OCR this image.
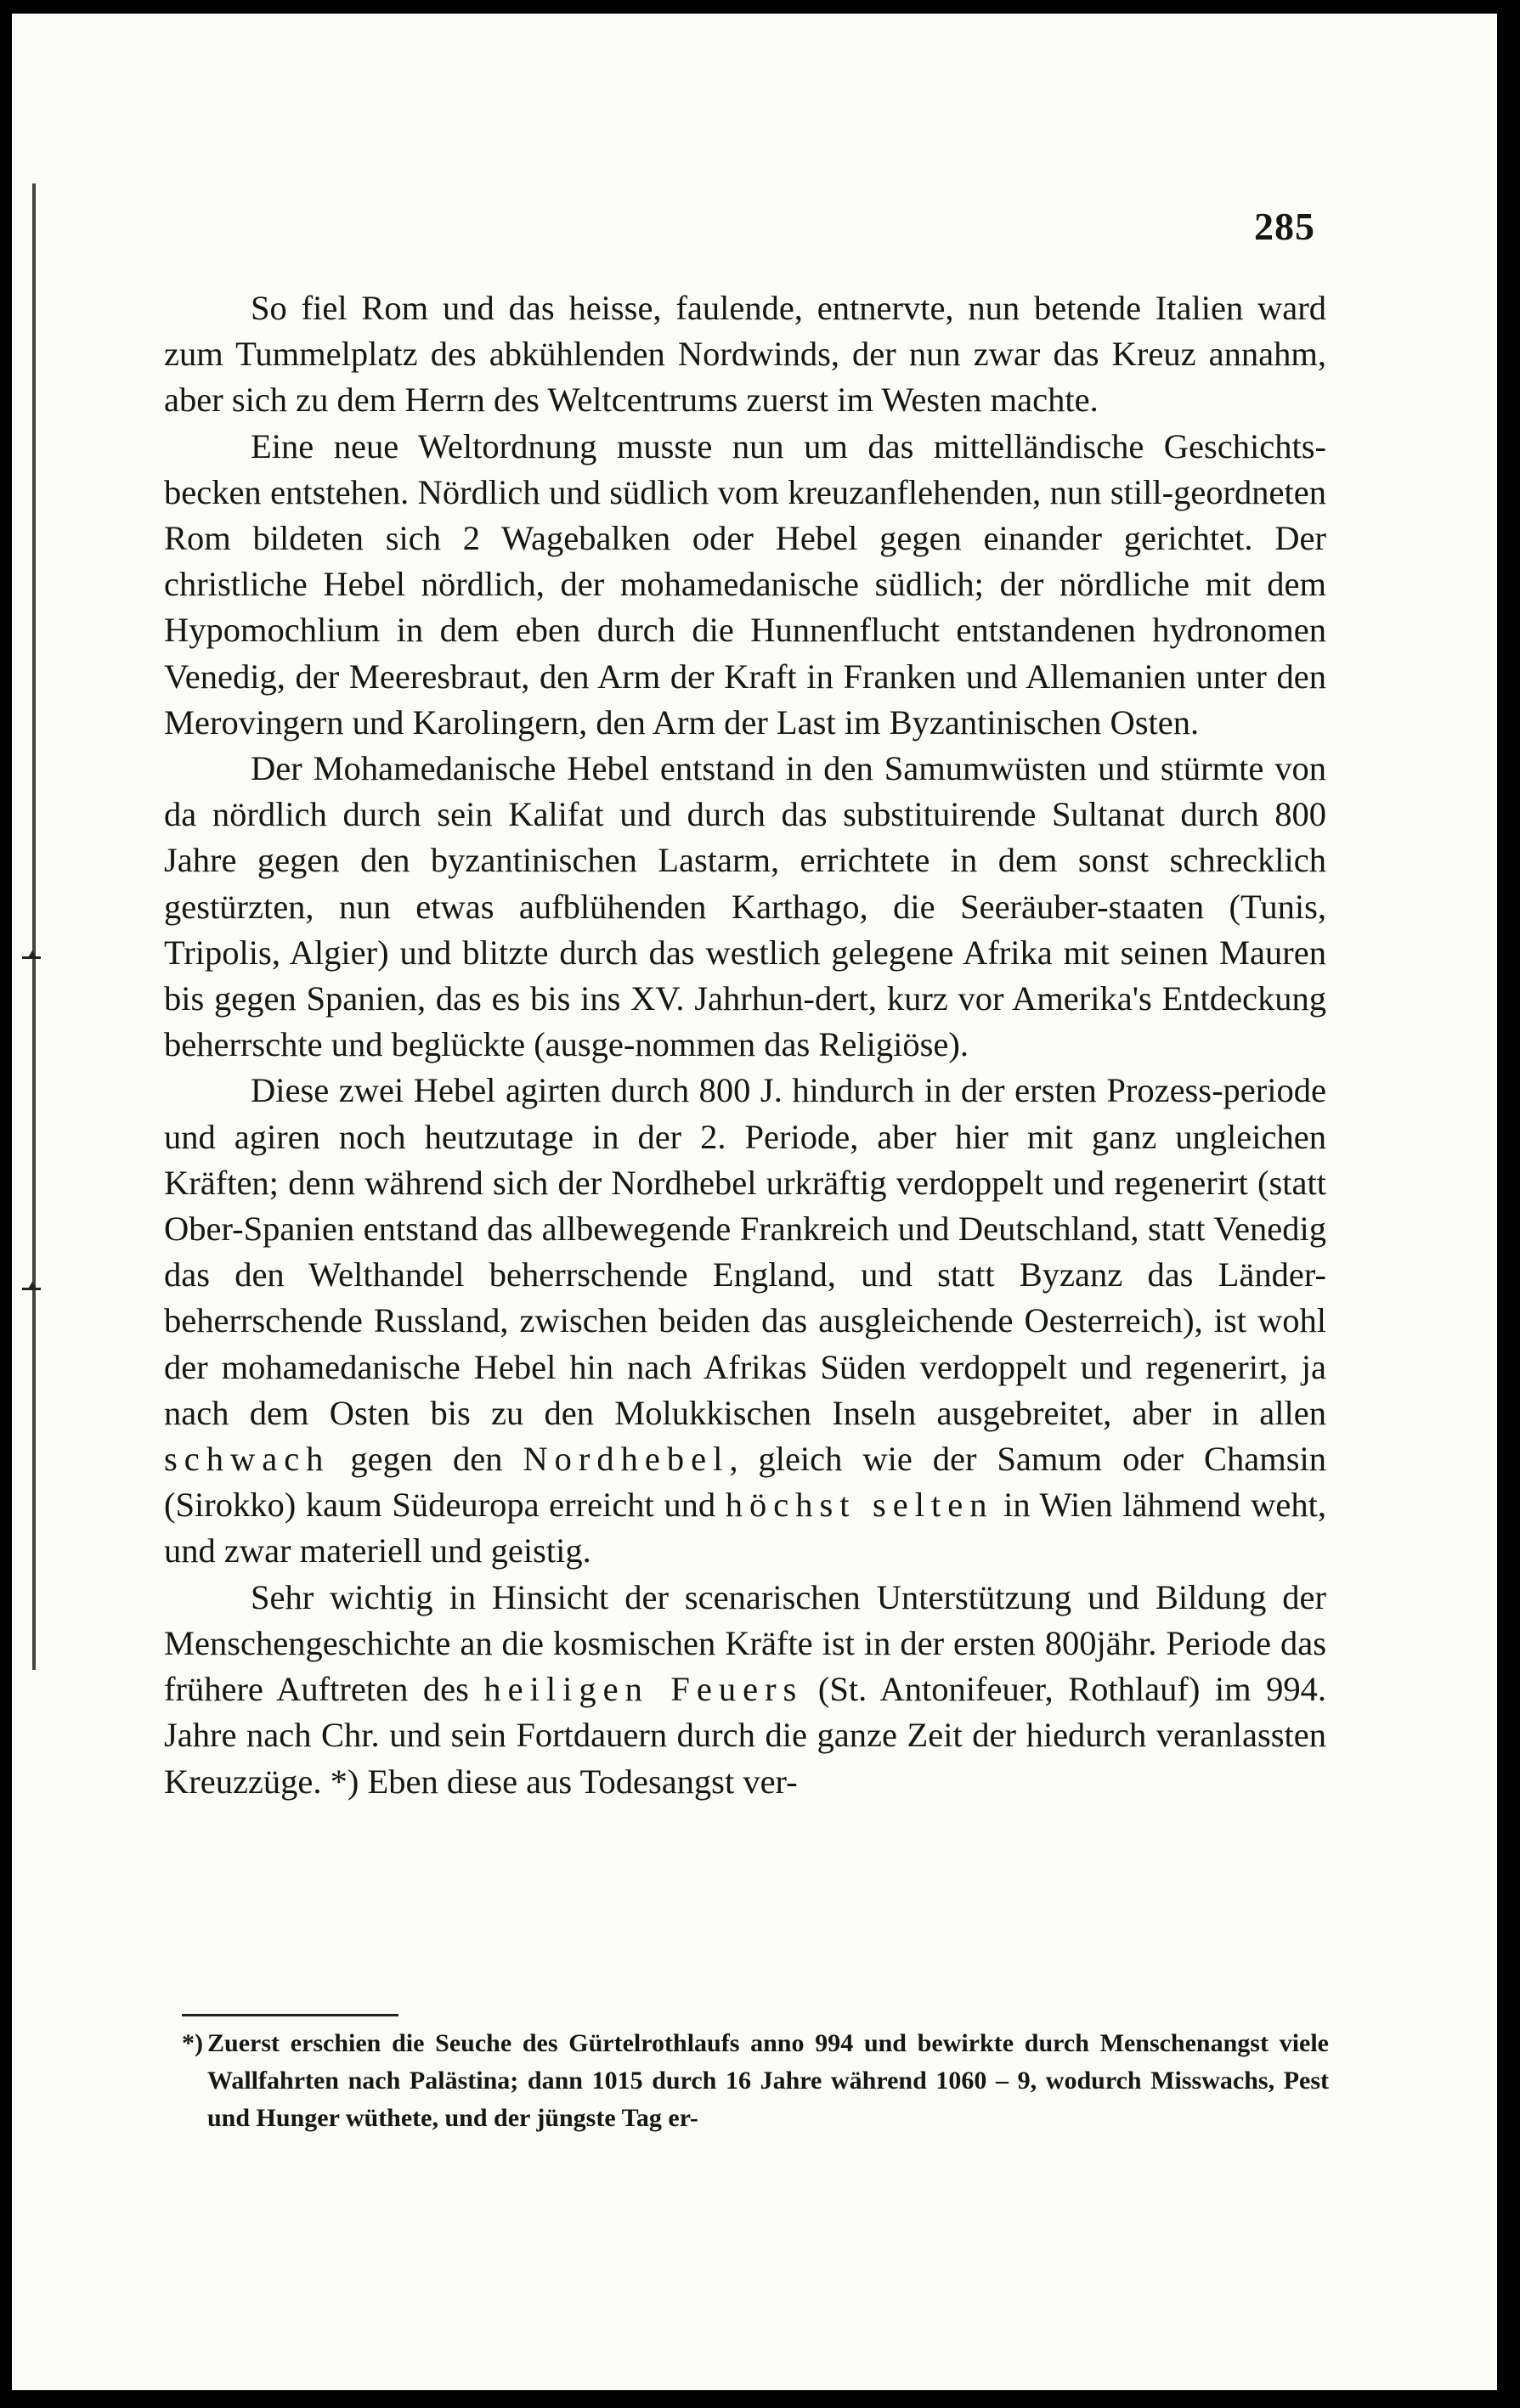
285

So fiel Rom und das heisse, faulende, entnervte, nun betende Italien ward zum Tummelplatz des abkühlenden Nordwinds, der nun zwar das Kreuz annahm, aber sich zu dem Herrn des Weltcentrums zuerst im Westen machte.

Eine neue Weltordnung musste nun um das mittelländische Geschichts-becken entstehen. Nördlich und südlich vom kreuzanflehenden, nun still-geordneten Rom bildeten sich 2 Wagebalken oder Hebel gegen einander gerichtet. Der christliche Hebel nördlich, der mohamedanische südlich; der nördliche mit dem Hypomochlium in dem eben durch die Hunnenflucht entstandenen hydronomen Venedig, der Meeresbraut, den Arm der Kraft in Franken und Allemanien unter den Merovingern und Karolingern, den Arm der Last im Byzantinischen Osten.

Der Mohamedanische Hebel entstand in den Samumwüsten und stürmte von da nördlich durch sein Kalifat und durch das substituirende Sultanat durch 800 Jahre gegen den byzantinischen Lastarm, errichtete in dem sonst schrecklich gestürzten, nun etwas aufblühenden Karthago, die Seeräuber-staaten (Tunis, Tripolis, Algier) und blitzte durch das westlich gelegene Afrika mit seinen Mauren bis gegen Spanien, das es bis ins XV. Jahrhun-dert, kurz vor Amerika's Entdeckung beherrschte und beglückte (ausge-nommen das Religiöse).

Diese zwei Hebel agirten durch 800 J. hindurch in der ersten Prozess-periode und agiren noch heutzutage in der 2. Periode, aber hier mit ganz ungleichen Kräften; denn während sich der Nordhebel urkräftig verdoppelt und regenerirt (statt Ober-Spanien entstand das allbewegende Frankreich und Deutschland, statt Venedig das den Welthandel beherrschende England, und statt Byzanz das Länder-beherrschende Russland, zwischen beiden das ausgleichende Oesterreich), ist wohl der mohamedanische Hebel hin nach Afrikas Süden verdoppelt und regenerirt, ja nach dem Osten bis zu den Molukkischen Inseln ausgebreitet, aber in allen schwach gegen den Nordhebel, gleich wie der Samum oder Chamsin (Sirokko) kaum Südeuropa erreicht und höchst selten in Wien lähmend weht, und zwar materiell und geistig.

Sehr wichtig in Hinsicht der scenarischen Unterstützung und Bildung der Menschengeschichte an die kosmischen Kräfte ist in der ersten 800jähr. Periode das frühere Auftreten des heiligen Feuers (St. Antonifeuer, Rothlauf) im 994. Jahre nach Chr. und sein Fortdauern durch die ganze Zeit der hiedurch veranlassten Kreuzzüge. *) Eben diese aus Todesangst ver-

*) Zuerst erschien die Seuche des Gürtelrothlaufs anno 994 und bewirkte durch Menschenangst viele Wallfahrten nach Palästina; dann 1015 durch 16 Jahre während 1060 – 9, wodurch Misswachs, Pest und Hunger wüthete, und der jüngste Tag er-
